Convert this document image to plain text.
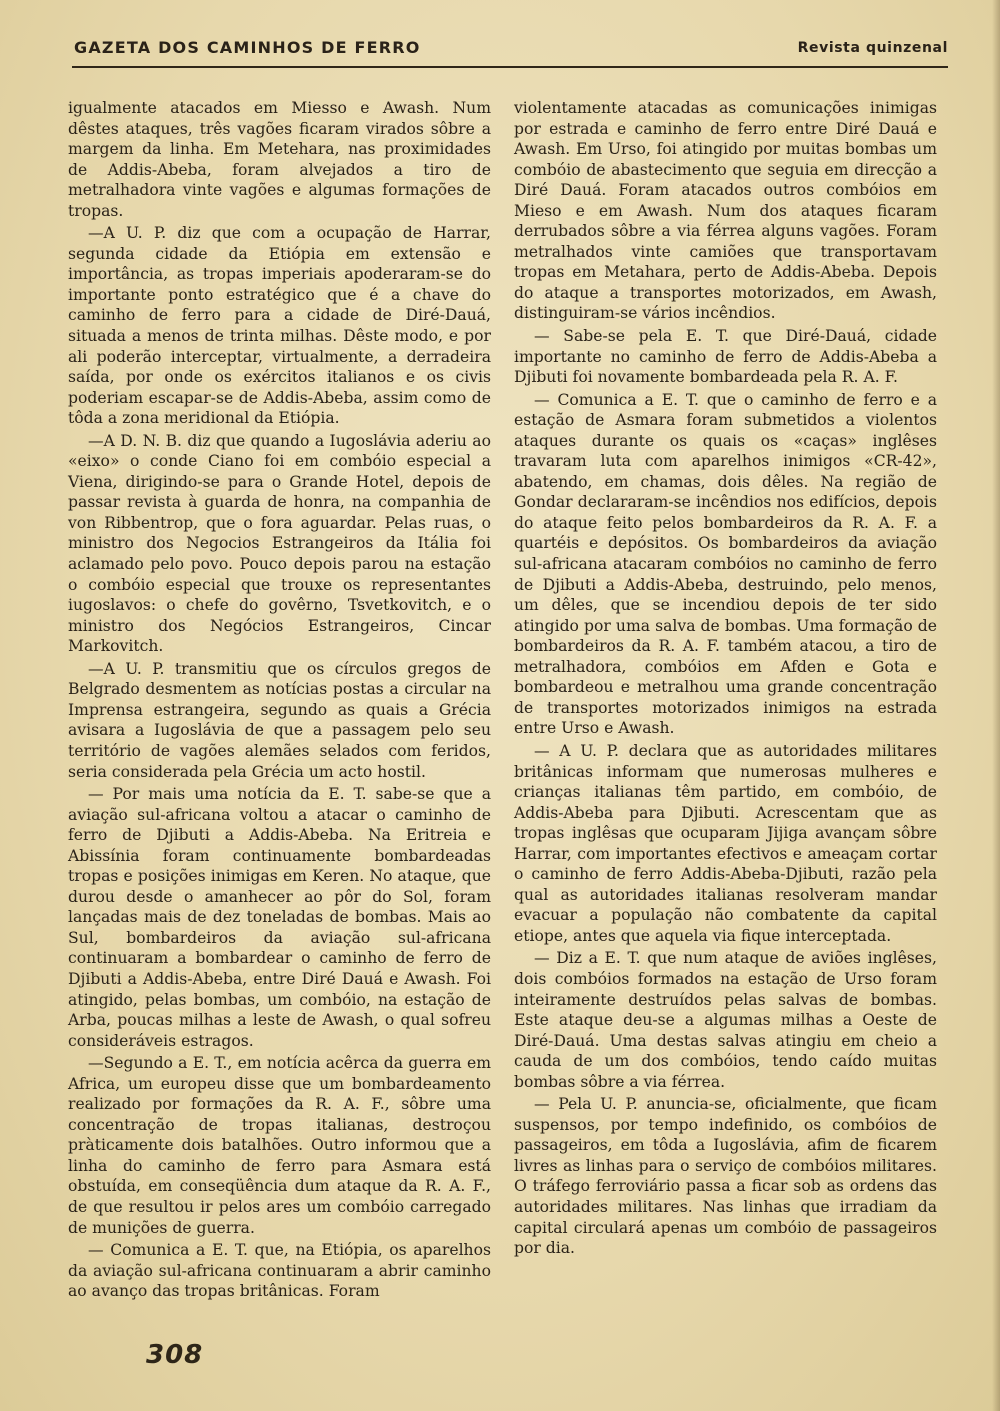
GAZETA DOS CAMINHOS DE FERRO	Revista quinzenal

igualmente atacados em Miesso e Awash. Num dêstes ataques, três vagões ficaram virados sôbre a margem da linha. Em Metehara, nas proximidades de Addis-Abeba, foram alvejados a tiro de metralhadora vinte vagões e algumas formações de tropas.

—A U. P. diz que com a ocupação de Harrar, segunda cidade da Etiópia em extensão e importância, as tropas imperiais apoderaram-se do importante ponto estratégico que é a chave do caminho de ferro para a cidade de Diré-Dauá, situada a menos de trinta milhas. Dêste modo, e por ali poderão interceptar, virtualmente, a derradeira saída, por onde os exércitos italianos e os civis poderiam escapar-se de Addis-Abeba, assim como de tôda a zona meridional da Etiópia.

—A D. N. B. diz que quando a Iugoslávia aderiu ao «eixo» o conde Ciano foi em combóio especial a Viena, dirigindo-se para o Grande Hotel, depois de passar revista à guarda de honra, na companhia de von Ribbentrop, que o fora aguardar. Pelas ruas, o ministro dos Negocios Estrangeiros da Itália foi aclamado pelo povo. Pouco depois parou na estação o combóio especial que trouxe os representantes iugoslavos: o chefe do govêrno, Tsvetkovitch, e o ministro dos Negócios Estrangeiros, Cincar Markovitch.

—A U. P. transmitiu que os círculos gregos de Belgrado desmentem as notícias postas a circular na Imprensa estrangeira, segundo as quais a Grécia avisara a Iugoslávia de que a passagem pelo seu território de vagões alemães selados com feridos, seria considerada pela Grécia um acto hostil.

— Por mais uma notícia da E. T. sabe-se que a aviação sul-africana voltou a atacar o caminho de ferro de Djibuti a Addis-Abeba. Na Eritreia e Abissínia foram continuamente bombardeadas tropas e posições inimigas em Keren. No ataque, que durou desde o amanhecer ao pôr do Sol, foram lançadas mais de dez toneladas de bombas. Mais ao Sul, bombardeiros da aviação sul-africana continuaram a bombardear o caminho de ferro de Djibuti a Addis-Abeba, entre Diré Dauá e Awash. Foi atingido, pelas bombas, um combóio, na estação de Arba, poucas milhas a leste de Awash, o qual sofreu consideráveis estragos.

—Segundo a E. T., em notícia acêrca da guerra em Africa, um europeu disse que um bombardeamento realizado por formações da R. A. F., sôbre uma concentração de tropas italianas, destroçou pràticamente dois batalhões. Outro informou que a linha do caminho de ferro para Asmara está obstuída, em conseqüência dum ataque da R. A. F., de que resultou ir pelos ares um combóio carregado de munições de guerra.

— Comunica a E. T. que, na Etiópia, os aparelhos da aviação sul-africana continuaram a abrir caminho ao avanço das tropas britânicas. Foram

violentamente atacadas as comunicações inimigas por estrada e caminho de ferro entre Diré Dauá e Awash. Em Urso, foi atingido por muitas bombas um combóio de abastecimento que seguia em direcção a Diré Dauá. Foram atacados outros combóios em Mieso e em Awash. Num dos ataques ficaram derrubados sôbre a via férrea alguns vagões. Foram metralhados vinte camiões que transportavam tropas em Metahara, perto de Addis-Abeba. Depois do ataque a transportes motorizados, em Awash, distinguiram-se vários incêndios.

— Sabe-se pela E. T. que Diré-Dauá, cidade importante no caminho de ferro de Addis-Abeba a Djibuti foi novamente bombardeada pela R. A. F.

— Comunica a E. T. que o caminho de ferro e a estação de Asmara foram submetidos a violentos ataques durante os quais os «caças» inglêses travaram luta com aparelhos inimigos «CR-42», abatendo, em chamas, dois dêles. Na região de Gondar declararam-se incêndios nos edifícios, depois do ataque feito pelos bombardeiros da R. A. F. a quartéis e depósitos. Os bombardeiros da aviação sul-africana atacaram combóios no caminho de ferro de Djibuti a Addis-Abeba, destruindo, pelo menos, um dêles, que se incendiou depois de ter sido atingido por uma salva de bombas. Uma formação de bombardeiros da R. A. F. também atacou, a tiro de metralhadora, combóios em Afden e Gota e bombardeou e metralhou uma grande concentração de transportes motorizados inimigos na estrada entre Urso e Awash.

— A U. P. declara que as autoridades militares britânicas informam que numerosas mulheres e crianças italianas têm partido, em combóio, de Addis-Abeba para Djibuti. Acrescentam que as tropas inglêsas que ocuparam Jijiga avançam sôbre Harrar, com importantes efectivos e ameaçam cortar o caminho de ferro Addis-Abeba-Djibuti, razão pela qual as autoridades italianas resolveram mandar evacuar a população não combatente da capital etiope, antes que aquela via fique interceptada.

— Diz a E. T. que num ataque de aviões inglêses, dois combóios formados na estação de Urso foram inteiramente destruídos pelas salvas de bombas. Este ataque deu-se a algumas milhas a Oeste de Diré-Dauá. Uma destas salvas atingiu em cheio a cauda de um dos combóios, tendo caído muitas bombas sôbre a via férrea.

— Pela U. P. anuncia-se, oficialmente, que ficam suspensos, por tempo indefinido, os combóios de passageiros, em tôda a Iugoslávia, afim de ficarem livres as linhas para o serviço de combóios militares. O tráfego ferroviário passa a ficar sob as ordens das autoridades militares. Nas linhas que irradiam da capital circulará apenas um combóio de passageiros por dia.

308
